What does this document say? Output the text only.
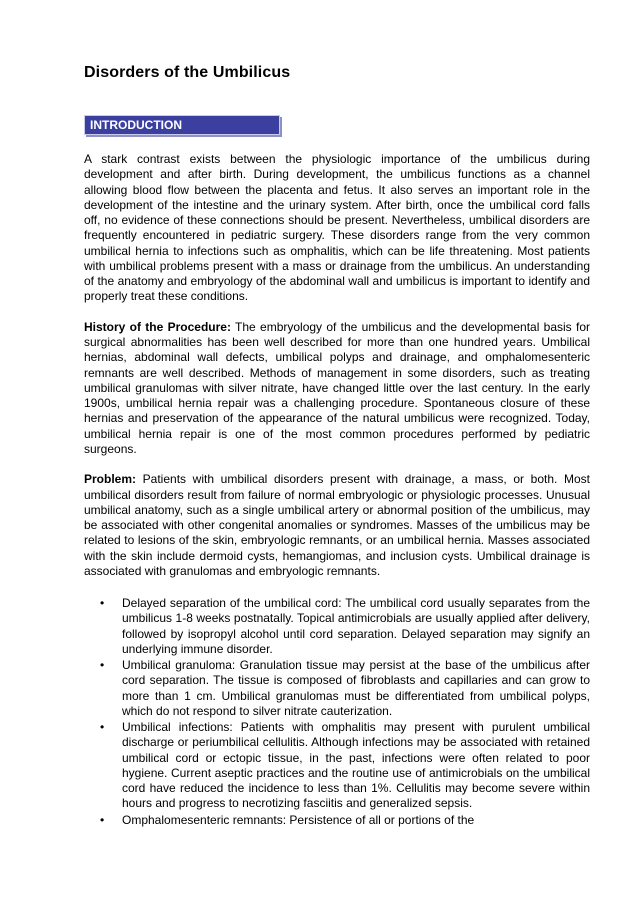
Disorders of the Umbilicus
INTRODUCTION

A stark contrast exists between the physiologic importance of the umbilicus during development and after birth. During development, the umbilicus functions as a channel allowing blood flow between the placenta and fetus. It also serves an important role in the development of the intestine and the urinary system. After birth, once the umbilical cord falls off, no evidence of these connections should be present. Nevertheless, umbilical disorders are frequently encountered in pediatric surgery. These disorders range from the very common umbilical hernia to infections such as omphalitis, which can be life threatening. Most patients with umbilical problems present with a mass or drainage from the umbilicus. An understanding of the anatomy and embryology of the abdominal wall and umbilicus is important to identify and properly treat these conditions.

History of the Procedure: The embryology of the umbilicus and the developmental basis for surgical abnormalities has been well described for more than one hundred years. Umbilical hernias, abdominal wall defects, umbilical polyps and drainage, and omphalomesenteric remnants are well described. Methods of management in some disorders, such as treating umbilical granulomas with silver nitrate, have changed little over the last century. In the early 1900s, umbilical hernia repair was a challenging procedure. Spontaneous closure of these hernias and preservation of the appearance of the natural umbilicus were recognized. Today, umbilical hernia repair is one of the most common procedures performed by pediatric surgeons.

Problem: Patients with umbilical disorders present with drainage, a mass, or both. Most umbilical disorders result from failure of normal embryologic or physiologic processes. Unusual umbilical anatomy, such as a single umbilical artery or abnormal position of the umbilicus, may be associated with other congenital anomalies or syndromes. Masses of the umbilicus may be related to lesions of the skin, embryologic remnants, or an umbilical hernia. Masses associated with the skin include dermoid cysts, hemangiomas, and inclusion cysts. Umbilical drainage is associated with granulomas and embryologic remnants.

• Delayed separation of the umbilical cord: The umbilical cord usually separates from the umbilicus 1-8 weeks postnatally. Topical antimicrobials are usually applied after delivery, followed by isopropyl alcohol until cord separation. Delayed separation may signify an underlying immune disorder.
• Umbilical granuloma: Granulation tissue may persist at the base of the umbilicus after cord separation. The tissue is composed of fibroblasts and capillaries and can grow to more than 1 cm. Umbilical granulomas must be differentiated from umbilical polyps, which do not respond to silver nitrate cauterization.
• Umbilical infections: Patients with omphalitis may present with purulent umbilical discharge or periumbilical cellulitis. Although infections may be associated with retained umbilical cord or ectopic tissue, in the past, infections were often related to poor hygiene. Current aseptic practices and the routine use of antimicrobials on the umbilical cord have reduced the incidence to less than 1%. Cellulitis may become severe within hours and progress to necrotizing fasciitis and generalized sepsis.
• Omphalomesenteric remnants: Persistence of all or portions of the
